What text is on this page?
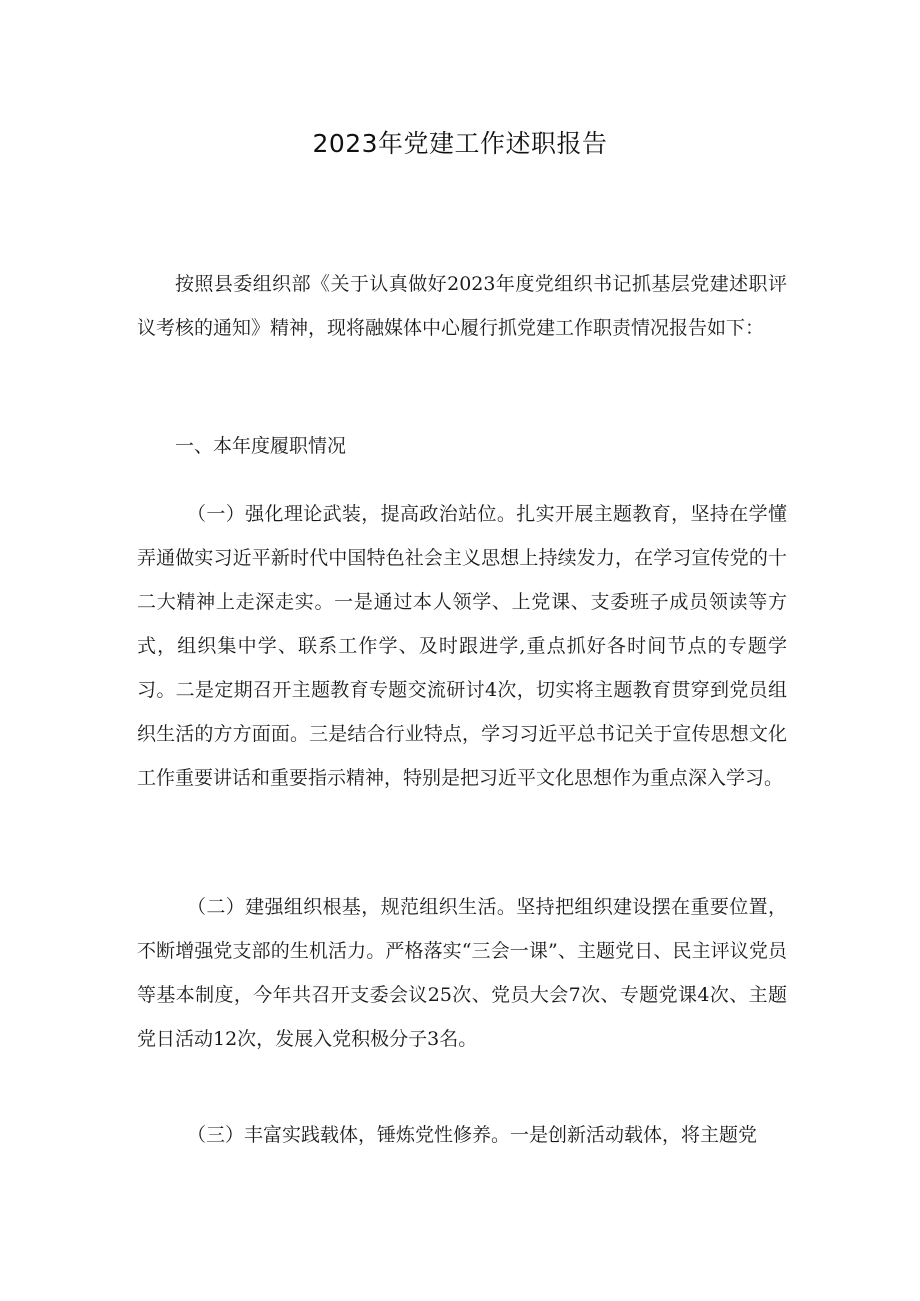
2023年党建工作述职报告

按照县委组织部《关于认真做好2023年度党组织书记抓基层党建述职评议考核的通知》精神，现将融媒体中心履行抓党建工作职责情况报告如下：

一、本年度履职情况

（一）强化理论武装，提高政治站位。扎实开展主题教育，坚持在学懂弄通做实习近平新时代中国特色社会主义思想上持续发力，在学习宣传党的十二大精神上走深走实。一是通过本人领学、上党课、支委班子成员领读等方式，组织集中学、联系工作学、及时跟进学,重点抓好各时间节点的专题学习。二是定期召开主题教育专题交流研讨4次，切实将主题教育贯穿到党员组织生活的方方面面。三是结合行业特点，学习习近平总书记关于宣传思想文化工作重要讲话和重要指示精神，特别是把习近平文化思想作为重点深入学习。

（二）建强组织根基，规范组织生活。坚持把组织建设摆在重要位置，不断增强党支部的生机活力。严格落实“三会一课”、主题党日、民主评议党员等基本制度，今年共召开支委会议25次、党员大会7次、专题党课4次、主题党日活动12次，发展入党积极分子3名。

（三）丰富实践载体，锤炼党性修养。一是创新活动载体，将主题党
